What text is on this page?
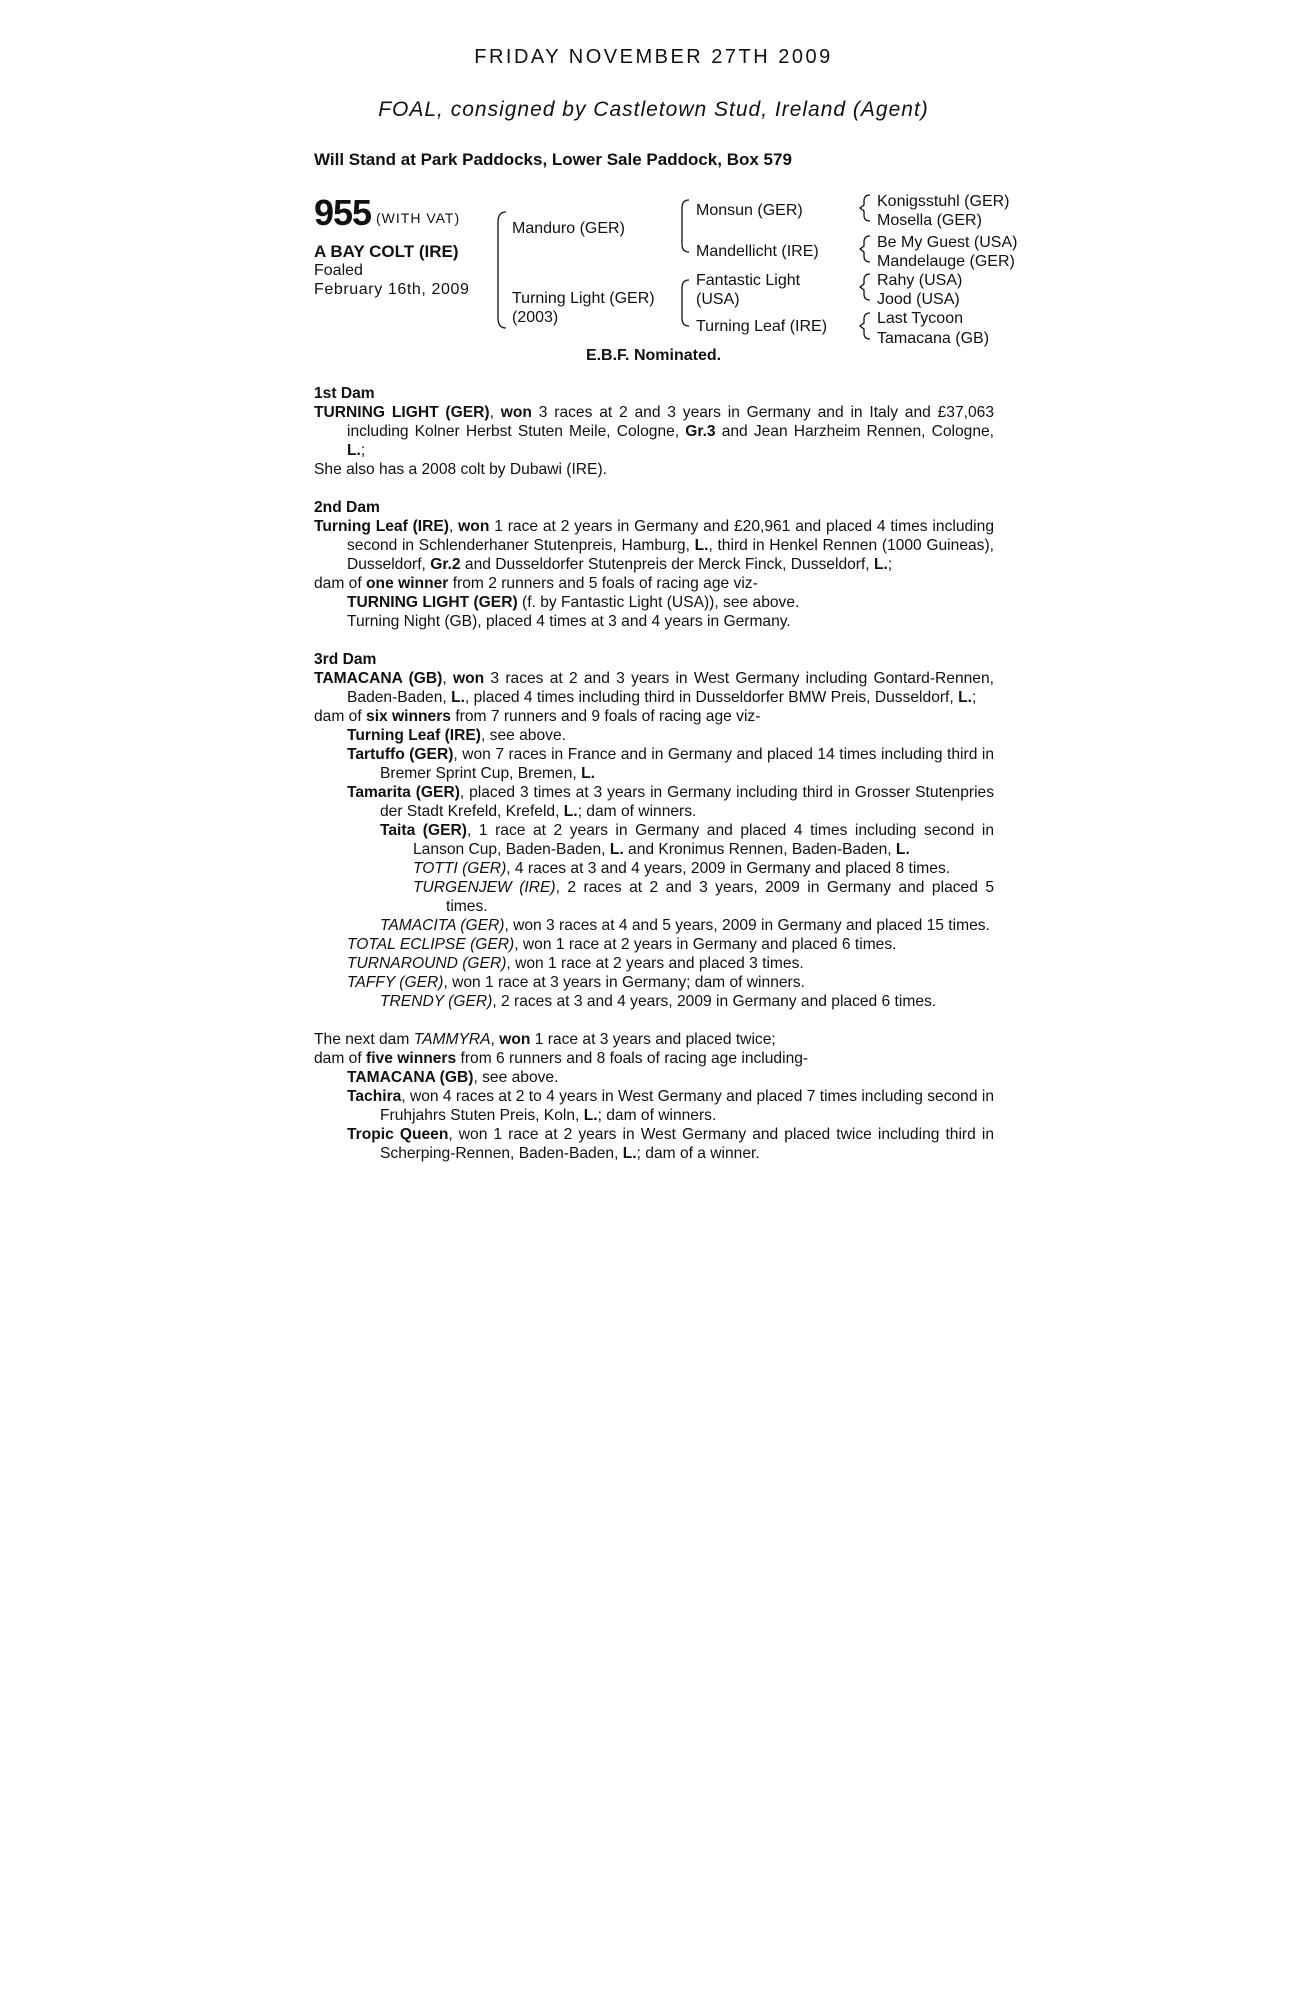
FRIDAY NOVEMBER 27TH 2009
FOAL, consigned by Castletown Stud, Ireland (Agent)
Will Stand at Park Paddocks, Lower Sale Paddock, Box 579
955 (WITH VAT)
A BAY COLT (IRE)
Foaled
February 16th, 2009
Manduro (GER)
Turning Light (GER)
(2003)
Monsun (GER)
Mandellicht (IRE)
Fantastic Light
(USA)
Turning Leaf (IRE)
Konigsstuhl (GER)
Mosella (GER)
Be My Guest (USA)
Mandelauge (GER)
Rahy (USA)
Jood (USA)
Last Tycoon
Tamacana (GB)
E.B.F. Nominated.

1st Dam

TURNING LIGHT (GER), won 3 races at 2 and 3 years in Germany and in Italy and £37,063 including Kolner Herbst Stuten Meile, Cologne, Gr.3 and Jean Harzheim Rennen, Cologne, L.;

She also has a 2008 colt by Dubawi (IRE).

2nd Dam

Turning Leaf (IRE), won 1 race at 2 years in Germany and £20,961 and placed 4 times including second in Schlenderhaner Stutenpreis, Hamburg, L., third in Henkel Rennen (1000 Guineas), Dusseldorf, Gr.2 and Dusseldorfer Stutenpreis der Merck Finck, Dusseldorf, L.;

dam of one winner from 2 runners and 5 foals of racing age viz-

TURNING LIGHT (GER) (f. by Fantastic Light (USA)), see above.

Turning Night (GB), placed 4 times at 3 and 4 years in Germany.

3rd Dam

TAMACANA (GB), won 3 races at 2 and 3 years in West Germany including Gontard-Rennen, Baden-Baden, L., placed 4 times including third in Dusseldorfer BMW Preis, Dusseldorf, L.;

dam of six winners from 7 runners and 9 foals of racing age viz-

Turning Leaf (IRE), see above.

Tartuffo (GER), won 7 races in France and in Germany and placed 14 times including third in Bremer Sprint Cup, Bremen, L.

Tamarita (GER), placed 3 times at 3 years in Germany including third in Grosser Stutenpries der Stadt Krefeld, Krefeld, L.; dam of winners.

Taita (GER), 1 race at 2 years in Germany and placed 4 times including second in Lanson Cup, Baden-Baden, L. and Kronimus Rennen, Baden-Baden, L.

TOTTI (GER), 4 races at 3 and 4 years, 2009 in Germany and placed 8 times.

TURGENJEW (IRE), 2 races at 2 and 3 years, 2009 in Germany and placed 5 times.

TAMACITA (GER), won 3 races at 4 and 5 years, 2009 in Germany and placed 15 times.

TOTAL ECLIPSE (GER), won 1 race at 2 years in Germany and placed 6 times.

TURNAROUND (GER), won 1 race at 2 years and placed 3 times.

TAFFY (GER), won 1 race at 3 years in Germany; dam of winners.

TRENDY (GER), 2 races at 3 and 4 years, 2009 in Germany and placed 6 times.

The next dam TAMMYRA, won 1 race at 3 years and placed twice;

dam of five winners from 6 runners and 8 foals of racing age including-

TAMACANA (GB), see above.

Tachira, won 4 races at 2 to 4 years in West Germany and placed 7 times including second in Fruhjahrs Stuten Preis, Koln, L.; dam of winners.

Tropic Queen, won 1 race at 2 years in West Germany and placed twice including third in Scherping-Rennen, Baden-Baden, L.; dam of a winner.
